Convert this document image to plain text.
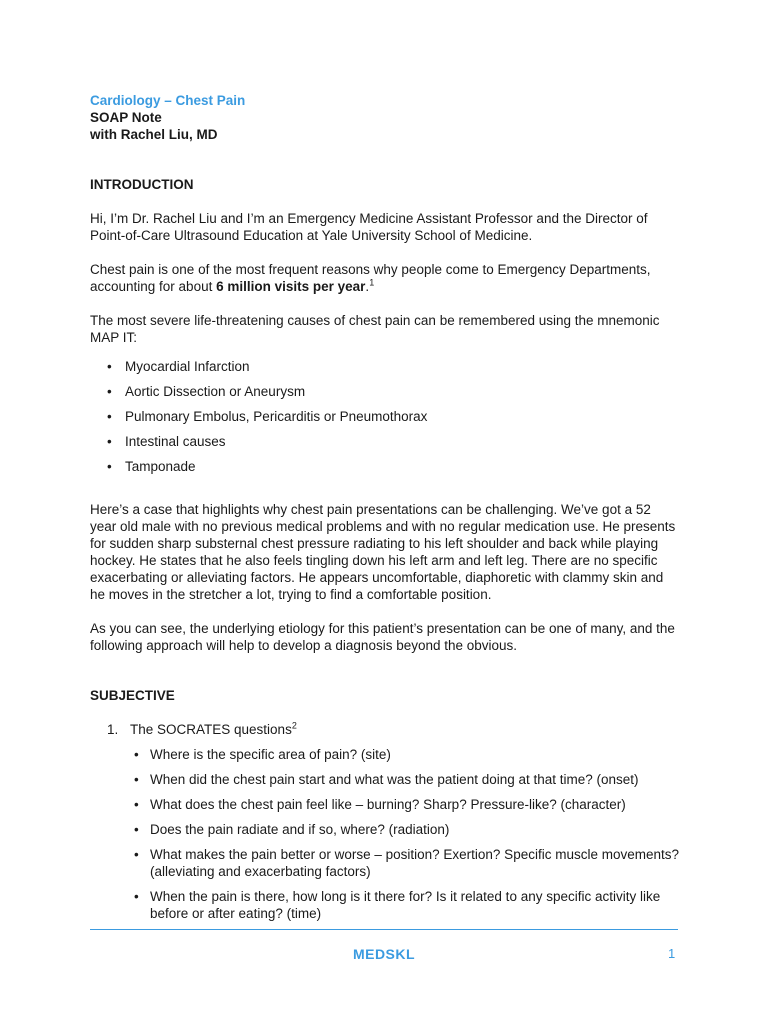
Cardiology – Chest Pain
SOAP Note
with Rachel Liu, MD
INTRODUCTION

Hi, I’m Dr. Rachel Liu and I’m an Emergency Medicine Assistant Professor and the Director of Point-of-Care Ultrasound Education at Yale University School of Medicine.

Chest pain is one of the most frequent reasons why people come to Emergency Departments, accounting for about 6 million visits per year.$^1$

The most severe life-threatening causes of chest pain can be remembered using the mnemonic MAP IT:

• Myocardial Infarction
• Aortic Dissection or Aneurysm
• Pulmonary Embolus, Pericarditis or Pneumothorax
• Intestinal causes
• Tamponade

Here’s a case that highlights why chest pain presentations can be challenging. We’ve got a 52 year old male with no previous medical problems and with no regular medication use. He presents for sudden sharp substernal chest pressure radiating to his left shoulder and back while playing hockey. He states that he also feels tingling down his left arm and left leg. There are no specific exacerbating or alleviating factors. He appears uncomfortable, diaphoretic with clammy skin and he moves in the stretcher a lot, trying to find a comfortable position.

As you can see, the underlying etiology for this patient’s presentation can be one of many, and the following approach will help to develop a diagnosis beyond the obvious.

SUBJECTIVE
1. The SOCRATES questions$^2$
• Where is the specific area of pain? (site)
• When did the chest pain start and what was the patient doing at that time? (onset)
• What does the chest pain feel like – burning? Sharp? Pressure-like? (character)
• Does the pain radiate and if so, where? (radiation)
• What makes the pain better or worse – position? Exertion? Specific muscle movements? (alleviating and exacerbating factors)
• When the pain is there, how long is it there for? Is it related to any specific activity like before or after eating? (time)
MEDSKL	1
